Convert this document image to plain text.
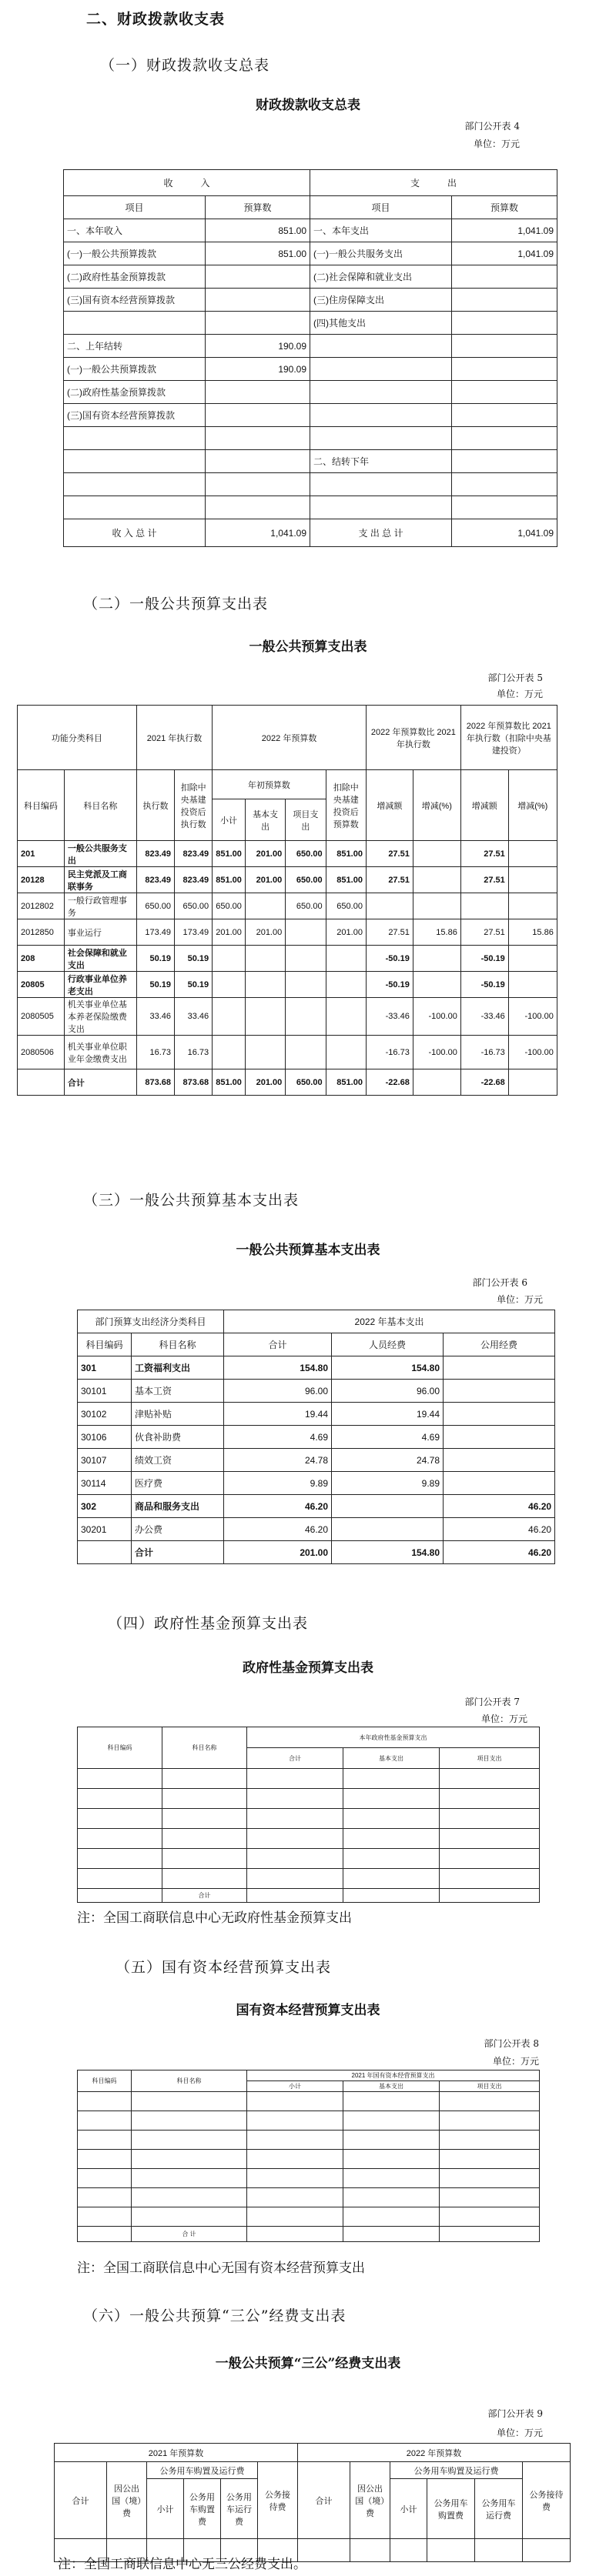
二、财政拨款收支表
（一）财政拨款收支总表
财政拨款收支总表
部门公开表 4
单位：万元
收　　　入		支　　　出	
项目	预算数	项目	预算数
一、本年收入	851.00	一、本年支出	1,041.09
(一)一般公共预算拨款	851.00	(一)一般公共服务支出	1,041.09
(二)政府性基金预算拨款		(二)社会保障和就业支出	
(三)国有资本经营预算拨款		(三)住房保障支出	
		(四)其他支出	
二、上年结转	190.09		
(一)一般公共预算拨款	190.09		
(二)政府性基金预算拨款			
(三)国有资本经营预算拨款			

		二、结转下年	

收 入 总 计	1,041.09	支 出 总 计	1,041.09
（二）一般公共预算支出表
一般公共预算支出表
部门公开表 5
单位：万元
功能分类科目		2021 年执行数		2022 年预算数				2022 年预算数比 2021 年执行数		2022 年预算数比 2021 年执行数（扣除中央基建投资）	
科目编码	科目名称	执行数	扣除中央基建投资后执行数	年初预算数			扣除中央基建投资后预算数	增减额	增减(%)	增减额	增减(%)
				小计	基本支出	项目支出					
201	一般公共服务支出	823.49	823.49	851.00	201.00	650.00	851.00	27.51		27.51	
20128	民主党派及工商联事务	823.49	823.49	851.00	201.00	650.00	851.00	27.51		27.51	
2012802	一般行政管理事务	650.00	650.00	650.00		650.00	650.00				
2012850	事业运行	173.49	173.49	201.00	201.00		201.00	27.51	15.86	27.51	15.86
208	社会保障和就业支出	50.19	50.19					-50.19		-50.19	
20805	行政事业单位养老支出	50.19	50.19					-50.19		-50.19	
2080505	机关事业单位基本养老保险缴费支出	33.46	33.46					-33.46	-100.00	-33.46	-100.00
2080506	机关事业单位职业年金缴费支出	16.73	16.73					-16.73	-100.00	-16.73	-100.00
	合计	873.68	873.68	851.00	201.00	650.00	851.00	-22.68		-22.68	
（三）一般公共预算基本支出表
一般公共预算基本支出表
部门公开表 6
单位：万元
部门预算支出经济分类科目		2022 年基本支出		
科目编码	科目名称	合计	人员经费	公用经费
301	工资福利支出	154.80	154.80	
30101	基本工资	96.00	96.00	
30102	津贴补贴	19.44	19.44	
30106	伙食补助费	4.69	4.69	
30107	绩效工资	24.78	24.78	
30114	医疗费	9.89	9.89	
302	商品和服务支出	46.20		46.20
30201	办公费	46.20		46.20
	合计	201.00	154.80	46.20
（四）政府性基金预算支出表
政府性基金预算支出表
部门公开表 7
单位：万元
科目编码	科目名称	本年政府性基金预算支出		
		合计	基本支出	项目支出

	合计			
注：全国工商联信息中心无政府性基金预算支出
（五）国有资本经营预算支出表
国有资本经营预算支出表
部门公开表 8
单位：万元
科目编码	科目名称	2021 年国有资本经营预算支出		
		小计	基本支出	项目支出

	合 计			
注：全国工商联信息中心无国有资本经营预算支出
（六）一般公共预算“三公”经费支出表
一般公共预算“三公”经费支出表
部门公开表 9
单位：万元
2021 年预算数						2022 年预算数					
合计	因公出国（境）费	公务用车购置及运行费			公务接待费	合计	因公出国（境）费	公务用车购置及运行费			公务接待费
		小计	公务用车购置费	公务用车运行费				小计	公务用车购置费	公务用车运行费	

注：全国工商联信息中心无三公经费支出。
